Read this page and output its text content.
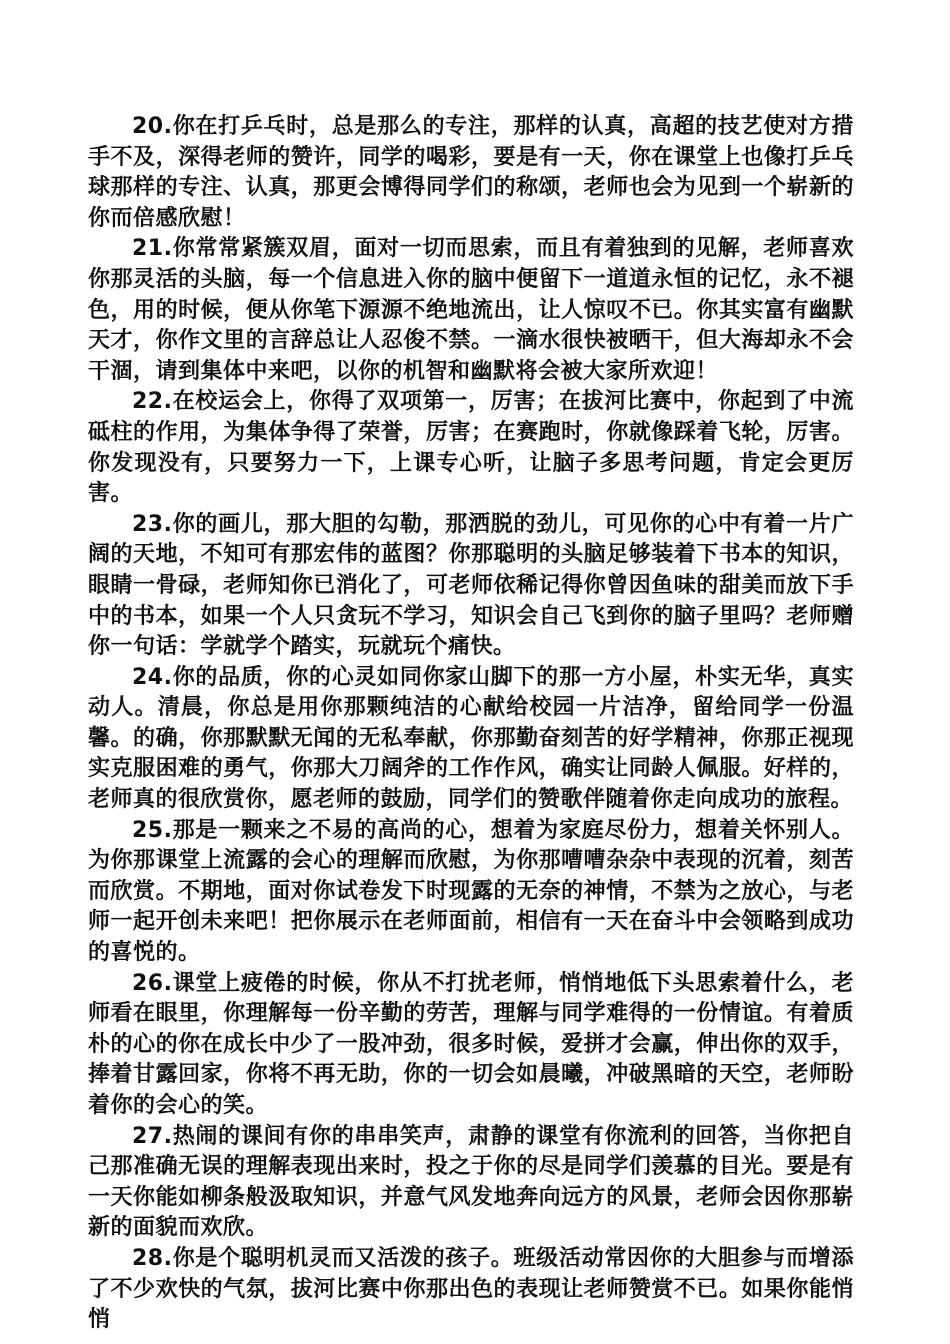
20.你在打乒乓时，总是那么的专注，那样的认真，高超的技艺使对方措手不及，深得老师的赞许，同学的喝彩，要是有一天，你在课堂上也像打乒乓球那样的专注、认真，那更会博得同学们的称颂，老师也会为见到一个崭新的你而倍感欣慰！

21.你常常紧簇双眉，面对一切而思索，而且有着独到的见解，老师喜欢你那灵活的头脑，每一个信息进入你的脑中便留下一道道永恒的记忆，永不褪色，用的时候，便从你笔下源源不绝地流出，让人惊叹不已。你其实富有幽默天才，你作文里的言辞总让人忍俊不禁。一滴水很快被晒干，但大海却永不会干涸，请到集体中来吧，以你的机智和幽默将会被大家所欢迎！

22.在校运会上，你得了双项第一，厉害；在拔河比赛中，你起到了中流砥柱的作用，为集体争得了荣誉，厉害；在赛跑时，你就像踩着飞轮，厉害。你发现没有，只要努力一下，上课专心听，让脑子多思考问题，肯定会更厉害。

23.你的画儿，那大胆的勾勒，那洒脱的劲儿，可见你的心中有着一片广阔的天地，不知可有那宏伟的蓝图？你那聪明的头脑足够装着下书本的知识，眼睛一骨碌，老师知你已消化了，可老师依稀记得你曾因鱼味的甜美而放下手中的书本，如果一个人只贪玩不学习，知识会自己飞到你的脑子里吗？老师赠你一句话：学就学个踏实，玩就玩个痛快。

24.你的品质，你的心灵如同你家山脚下的那一方小屋，朴实无华，真实动人。清晨，你总是用你那颗纯洁的心献给校园一片洁净，留给同学一份温馨。的确，你那默默无闻的无私奉献，你那勤奋刻苦的好学精神，你那正视现实克服困难的勇气，你那大刀阔斧的工作作风，确实让同龄人佩服。好样的，老师真的很欣赏你，愿老师的鼓励，同学们的赞歌伴随着你走向成功的旅程。

25.那是一颗来之不易的高尚的心，想着为家庭尽份力，想着关怀别人。为你那课堂上流露的会心的理解而欣慰，为你那嘈嘈杂杂中表现的沉着，刻苦而欣赏。不期地，面对你试卷发下时现露的无奈的神情，不禁为之放心，与老师一起开创未来吧！把你展示在老师面前，相信有一天在奋斗中会领略到成功的喜悦的。

26.课堂上疲倦的时候，你从不打扰老师，悄悄地低下头思索着什么，老师看在眼里，你理解每一份辛勤的劳苦，理解与同学难得的一份情谊。有着质朴的心的你在成长中少了一股冲劲，很多时候，爱拼才会赢，伸出你的双手，捧着甘露回家，你将不再无助，你的一切会如晨曦，冲破黑暗的天空，老师盼着你的会心的笑。

27.热闹的课间有你的串串笑声，肃静的课堂有你流利的回答，当你把自己那准确无误的理解表现出来时，投之于你的尽是同学们羡慕的目光。要是有一天你能如柳条般汲取知识，并意气风发地奔向远方的风景，老师会因你那崭新的面貌而欢欣。

28.你是个聪明机灵而又活泼的孩子。班级活动常因你的大胆参与而增添了不少欢快的气氛，拔河比赛中你那出色的表现让老师赞赏不已。如果你能悄悄
